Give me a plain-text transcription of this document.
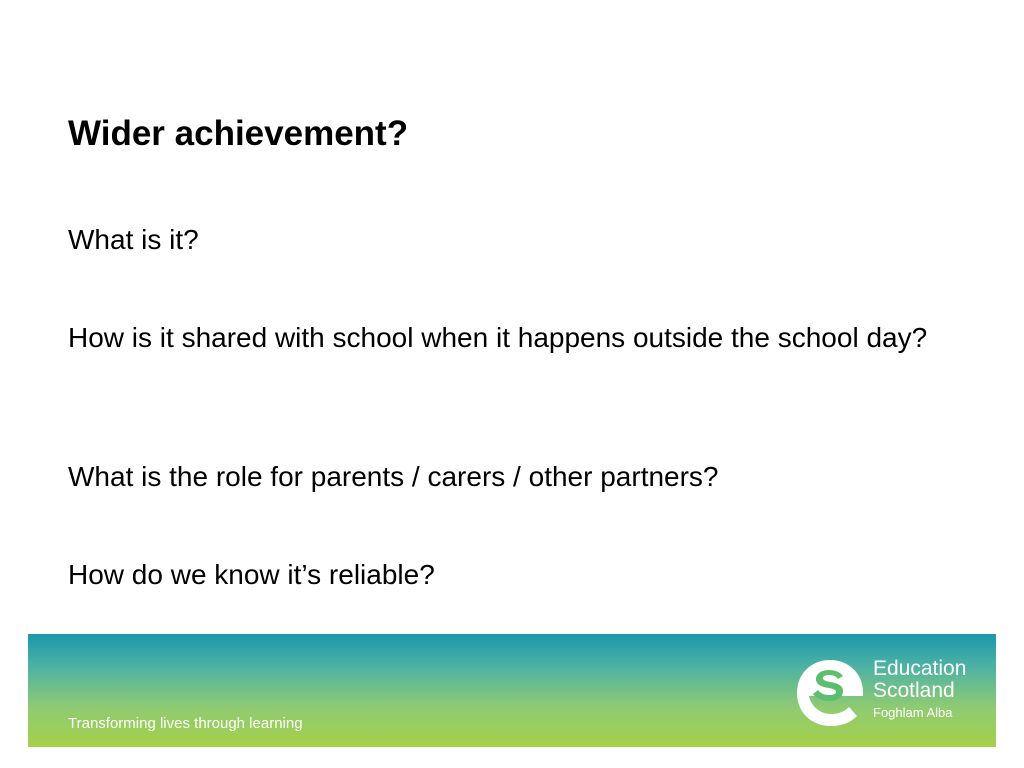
Wider achievement?
What is it?
How is it shared with school when it happens outside the school day?
What is the role for parents / carers / other partners?
How do we know it’s reliable?
Transforming lives through learning
Education
Scotland
Foghlam Alba
